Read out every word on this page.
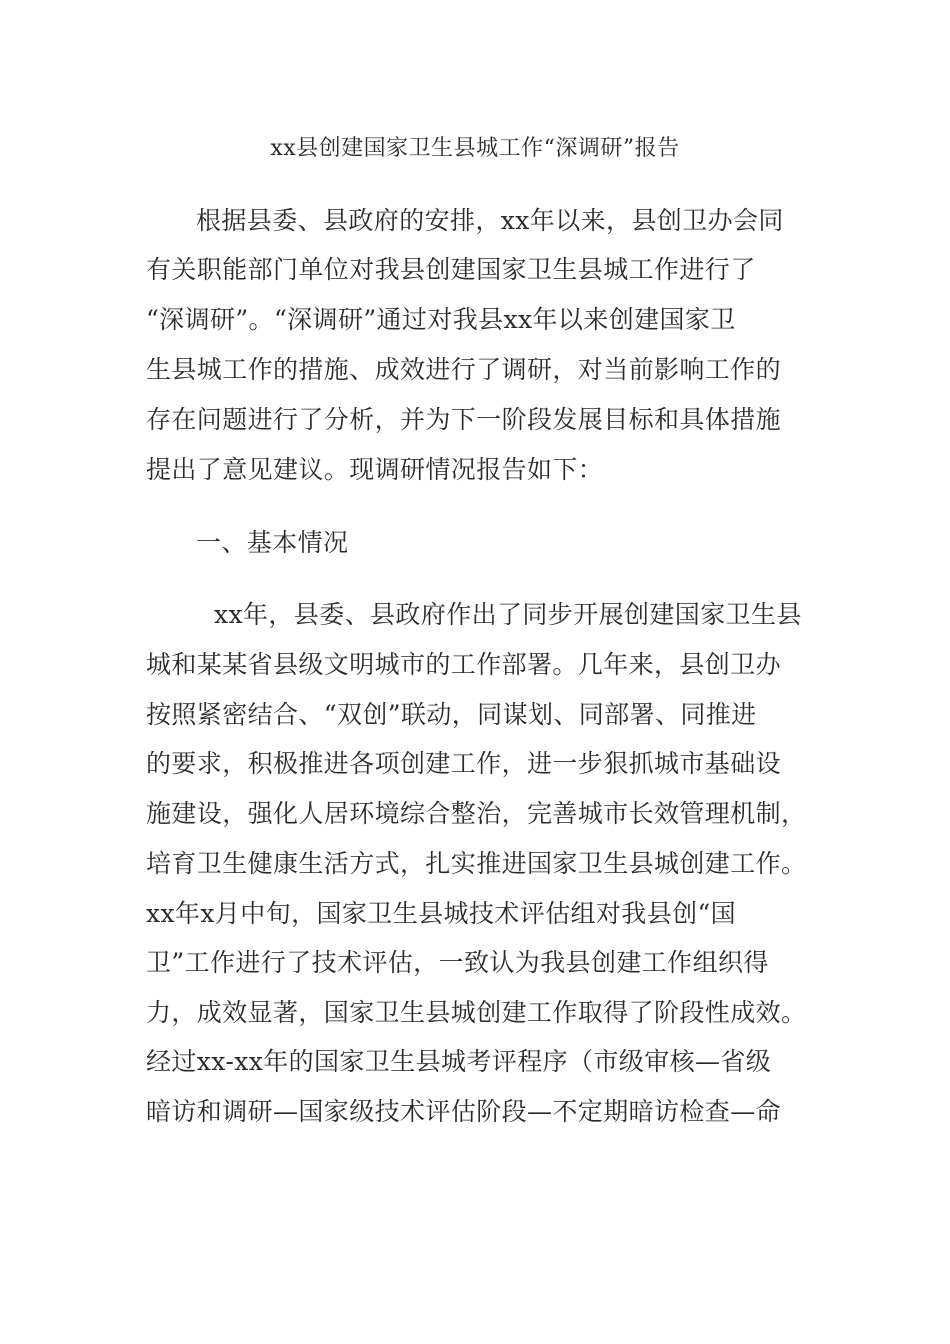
xx县创建国家卫生县城工作“深调研”报告
根据县委、县政府的安排，xx年以来，县创卫办会同
有关职能部门单位对我县创建国家卫生县城工作进行了
“深调研”。“深调研”通过对我县xx年以来创建国家卫
生县城工作的措施、成效进行了调研，对当前影响工作的
存在问题进行了分析，并为下一阶段发展目标和具体措施
提出了意见建议。现调研情况报告如下：
一、基本情况
xx年，县委、县政府作出了同步开展创建国家卫生县
城和某某省县级文明城市的工作部署。几年来，县创卫办
按照紧密结合、“双创”联动，同谋划、同部署、同推进
的要求，积极推进各项创建工作，进一步狠抓城市基础设
施建设，强化人居环境综合整治，完善城市长效管理机制，
培育卫生健康生活方式，扎实推进国家卫生县城创建工作。
xx年x月中旬，国家卫生县城技术评估组对我县创“国
卫”工作进行了技术评估，一致认为我县创建工作组织得
力，成效显著，国家卫生县城创建工作取得了阶段性成效。
经过xx-xx年的国家卫生县城考评程序（市级审核—省级
暗访和调研—国家级技术评估阶段—不定期暗访检查—命
